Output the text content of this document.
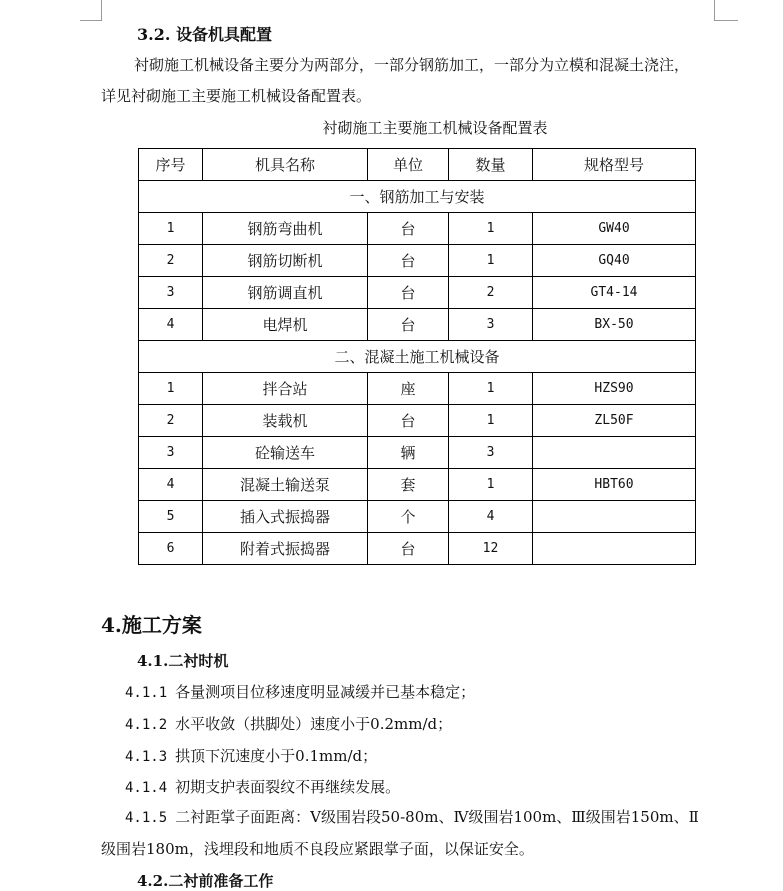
3.2. 设备机具配置
衬砌施工机械设备主要分为两部分，一部分钢筋加工，一部分为立模和混凝土浇注，
详见衬砌施工主要施工机械设备配置表。
衬砌施工主要施工机械设备配置表
序号	机具名称	单位	数量	规格型号
一、钢筋加工与安装				
1	钢筋弯曲机	台	1	GW40
2	钢筋切断机	台	1	GQ40
3	钢筋调直机	台	2	GT4-14
4	电焊机	台	3	BX-50
二、混凝土施工机械设备				
1	拌合站	座	1	HZS90
2	装载机	台	1	ZL50F
3	砼输送车	辆	3	
4	混凝土输送泵	套	1	HBT60
5	插入式振捣器	个	4	
6	附着式振捣器	台	12	
4.施工方案
4.1.二衬时机
4.1.1 各量测项目位移速度明显减缓并已基本稳定；
4.1.2 水平收敛（拱脚处）速度小于0.2mm/d；
4.1.3 拱顶下沉速度小于0.1mm/d；
4.1.4 初期支护表面裂纹不再继续发展。
4.1.5 二衬距掌子面距离：Ⅴ级围岩段50-80m、Ⅳ级围岩100m、Ⅲ级围岩150m、Ⅱ
级围岩180m，浅埋段和地质不良段应紧跟掌子面，以保证安全。
4.2.二衬前准备工作
